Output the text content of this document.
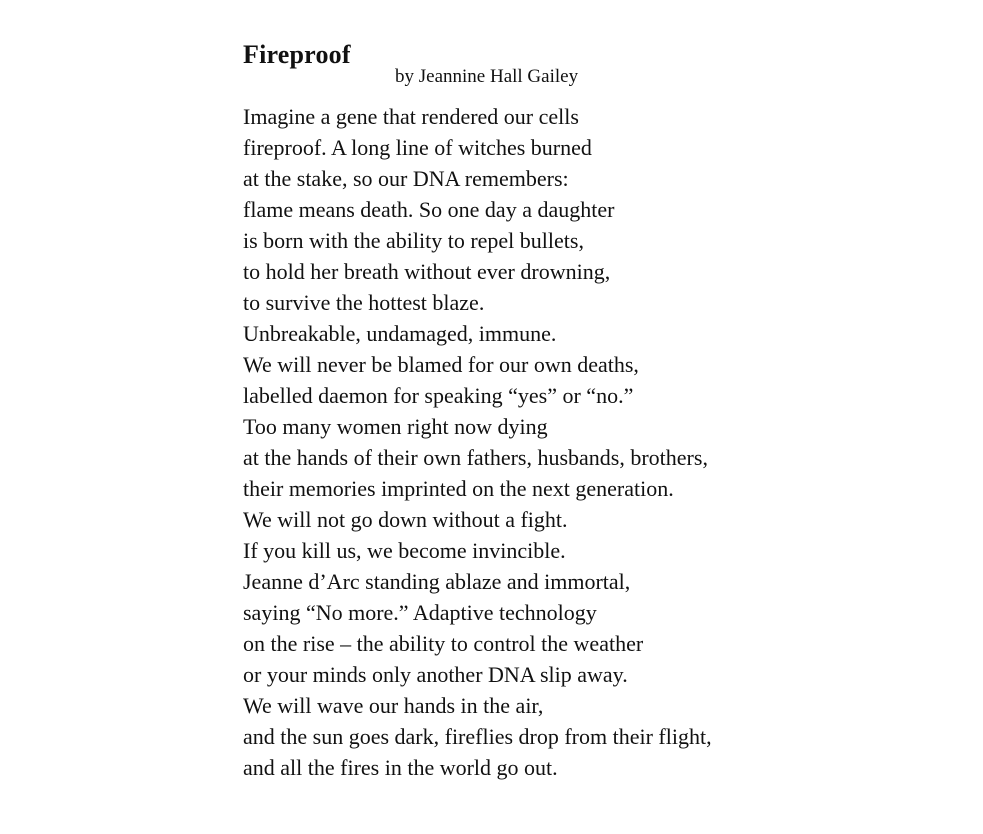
Fireproof

by Jeannine Hall Gailey

Imagine a gene that rendered our cells
fireproof. A long line of witches burned
at the stake, so our DNA remembers:
flame means death. So one day a daughter
is born with the ability to repel bullets,
to hold her breath without ever drowning,
to survive the hottest blaze.
Unbreakable, undamaged, immune.
We will never be blamed for our own deaths,
labelled daemon for speaking “yes” or “no.”
Too many women right now dying
at the hands of their own fathers, husbands, brothers,
their memories imprinted on the next generation.
We will not go down without a fight.
If you kill us, we become invincible.
Jeanne d’Arc standing ablaze and immortal,
saying “No more.” Adaptive technology
on the rise – the ability to control the weather
or your minds only another DNA slip away.
We will wave our hands in the air,
and the sun goes dark, fireflies drop from their flight,
and all the fires in the world go out.
